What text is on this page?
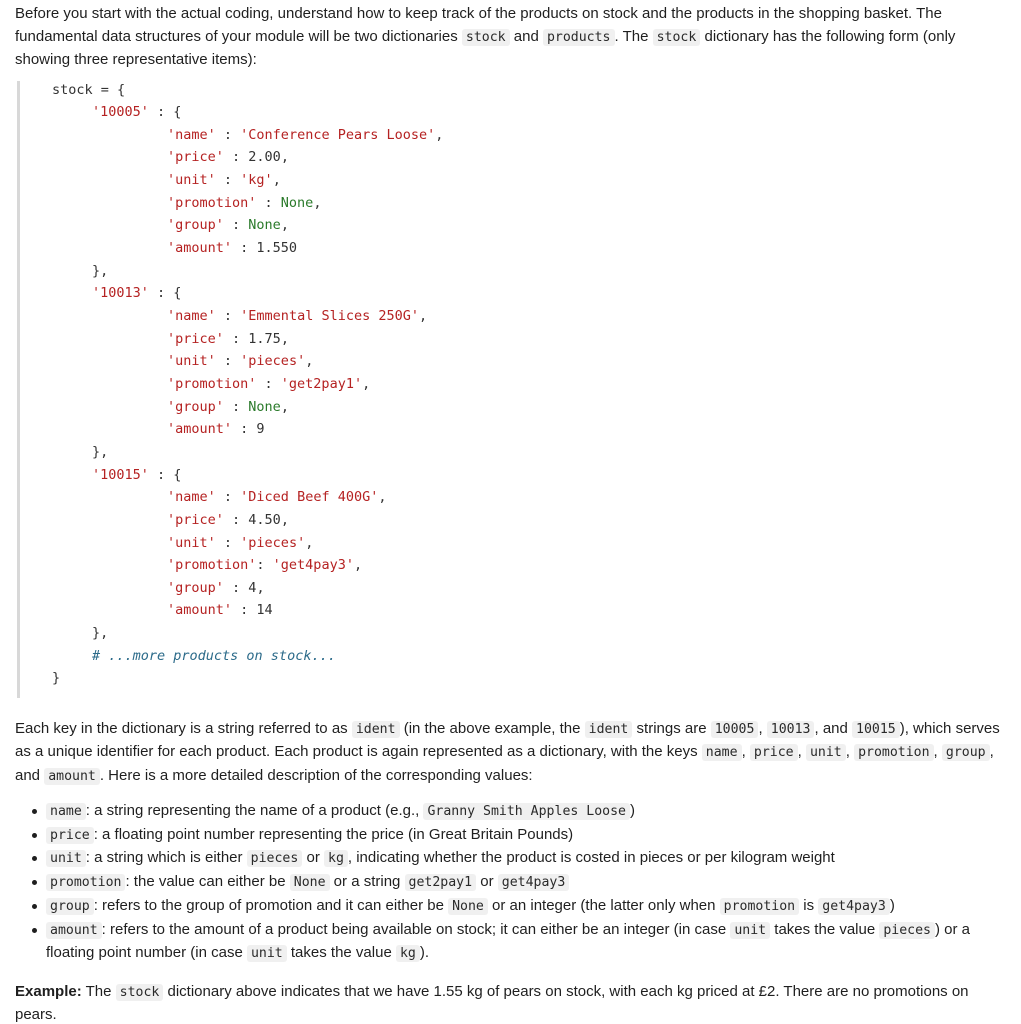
Before you start with the actual coding, understand how to keep track of the products on stock and the products in the shopping basket. The fundamental data structures of your module will be two dictionaries stock and products . The stock dictionary has the following form (only showing three representative items):

stock = {
'10005' : {
'name' : 'Conference Pears Loose',
'price' : 2.00,
'unit' : 'kg',
'promotion' : None,
'group' : None,
'amount' : 1.550
},
'10013' : {
'name' : 'Emmental Slices 250G',
'price' : 1.75,
'unit' : 'pieces',
'promotion' : 'get2pay1',
'group' : None,
'amount' : 9
},
'10015' : {
'name' : 'Diced Beef 400G',
'price' : 4.50,
'unit' : 'pieces',
'promotion': 'get4pay3',
'group' : 4,
'amount' : 14
},
# ...more products on stock...
}

Each key in the dictionary is a string referred to as ident (in the above example, the ident strings are 10005 , 10013 , and 10015 ), which serves as a unique identifier for each product. Each product is again represented as a dictionary, with the keys name , price , unit , promotion , group , and amount . Here is a more detailed description of the corresponding values:

name : a string representing the name of a product (e.g., Granny Smith Apples Loose )
price : a floating point number representing the price (in Great Britain Pounds)
unit : a string which is either pieces or kg , indicating whether the product is costed in pieces or per kilogram weight
promotion : the value can either be None or a string get2pay1 or get4pay3
group : refers to the group of promotion and it can either be None or an integer (the latter only when promotion is get4pay3 )
amount : refers to the amount of a product being available on stock; it can either be an integer (in case unit takes the value pieces ) or a floating point number (in case unit takes the value kg ).

Example: The stock dictionary above indicates that we have 1.55 kg of pears on stock, with each kg priced at £2. There are no promotions on pears.
